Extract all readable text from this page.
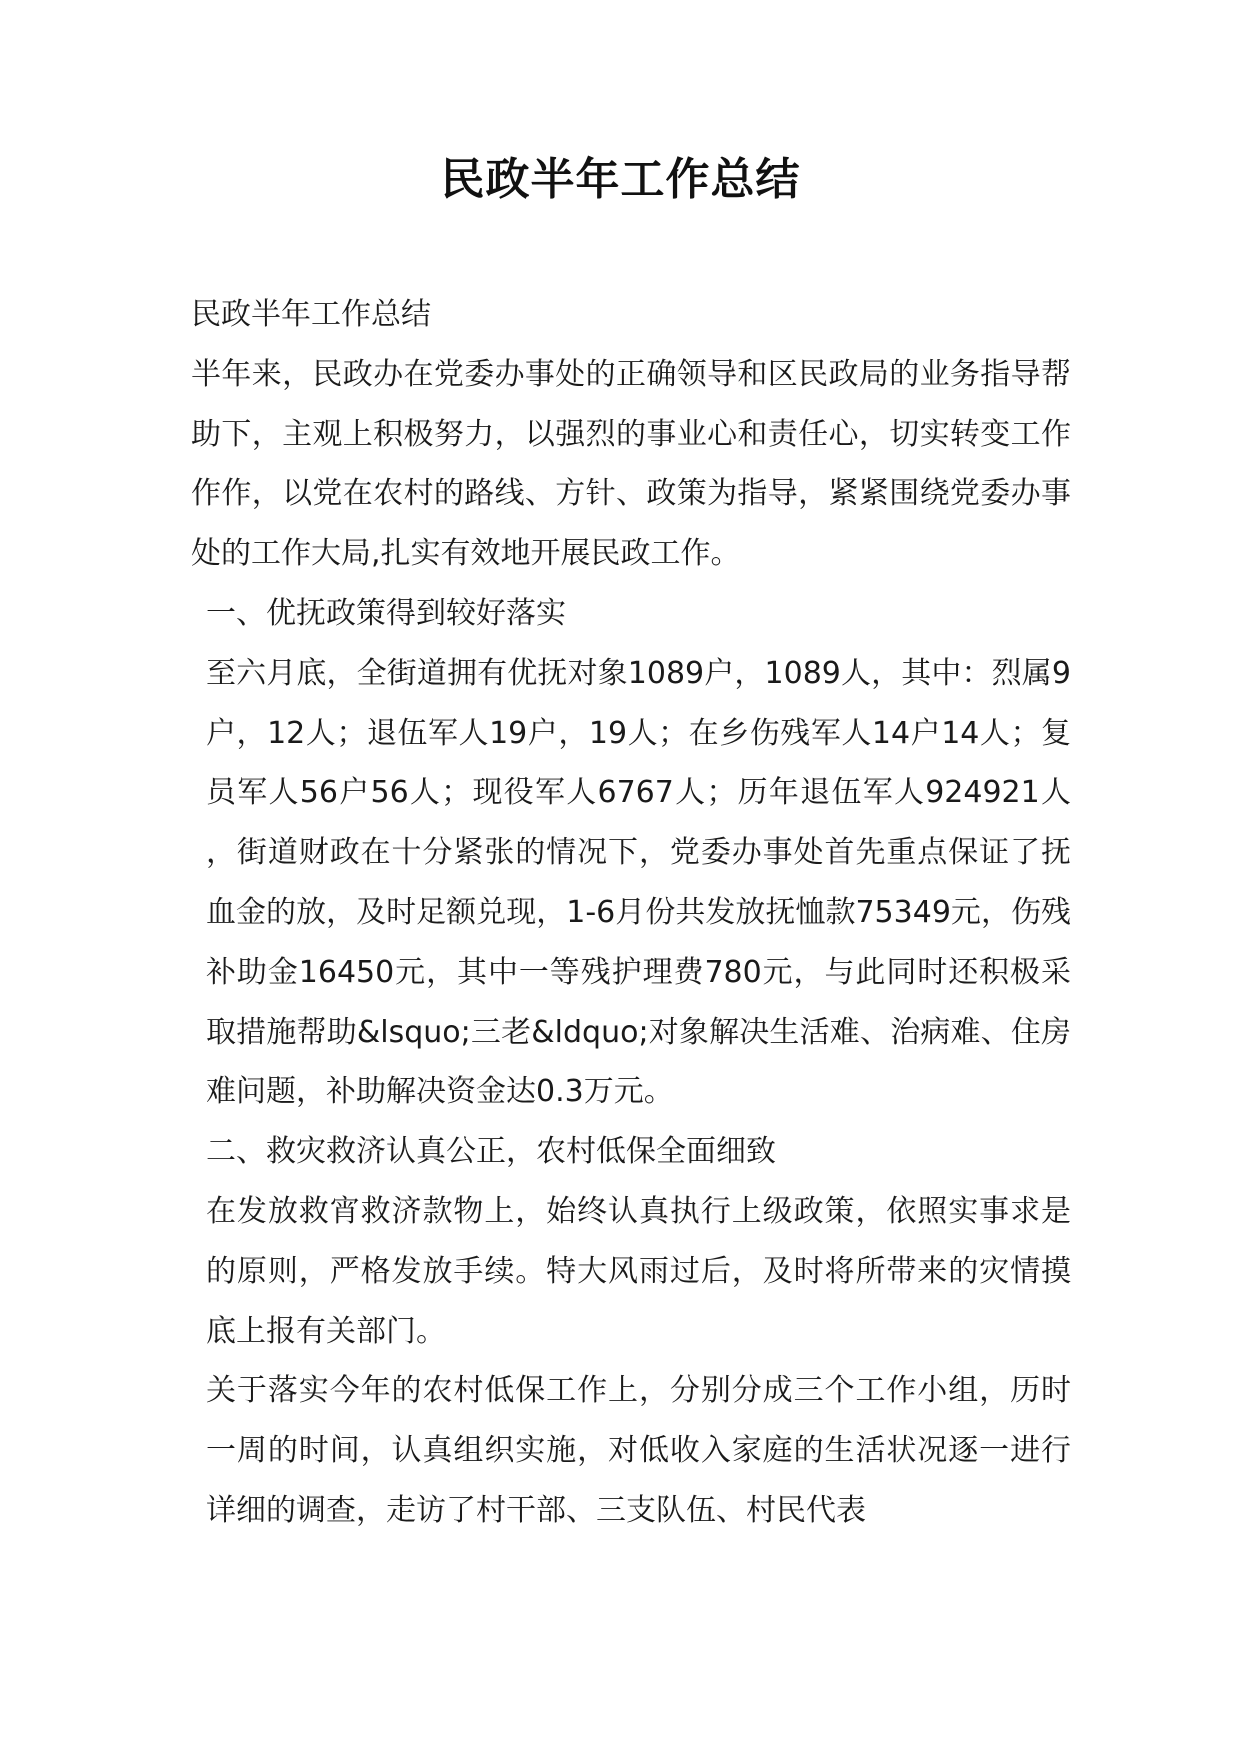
民政半年工作总结

民政半年工作总结

半年来，民政办在党委办事处的正确领导和区民政局的业务指导帮助下，主观上积极努力，以强烈的事业心和责任心，切实转变工作作作，以党在农村的路线、方针、政策为指导，紧紧围绕党委办事处的工作大局,扎实有效地开展民政工作。

一、优抚政策得到较好落实

至六月底，全街道拥有优抚对象1089户，1089人，其中：烈属9户，12人；退伍军人19户，19人；在乡伤残军人14户14人；复员军人56户56人；现役军人6767人；历年退伍军人924921人，街道财政在十分紧张的情况下，党委办事处首先重点保证了抚血金的放，及时足额兑现，1-6月份共发放抚恤款75349元，伤残补助金16450元，其中一等残护理费780元，与此同时还积极采取措施帮助&lsquo;三老&ldquo;对象解决生活难、治病难、住房难问题，补助解决资金达0.3万元。

二、救灾救济认真公正，农村低保全面细致

在发放救宵救济款物上，始终认真执行上级政策，依照实事求是的原则，严格发放手续。特大风雨过后，及时将所带来的灾情摸底上报有关部门。

关于落实今年的农村低保工作上，分别分成三个工作小组，历时一周的时间，认真组织实施，对低收入家庭的生活状况逐一进行详细的调查，走访了村干部、三支队伍、村民代表
